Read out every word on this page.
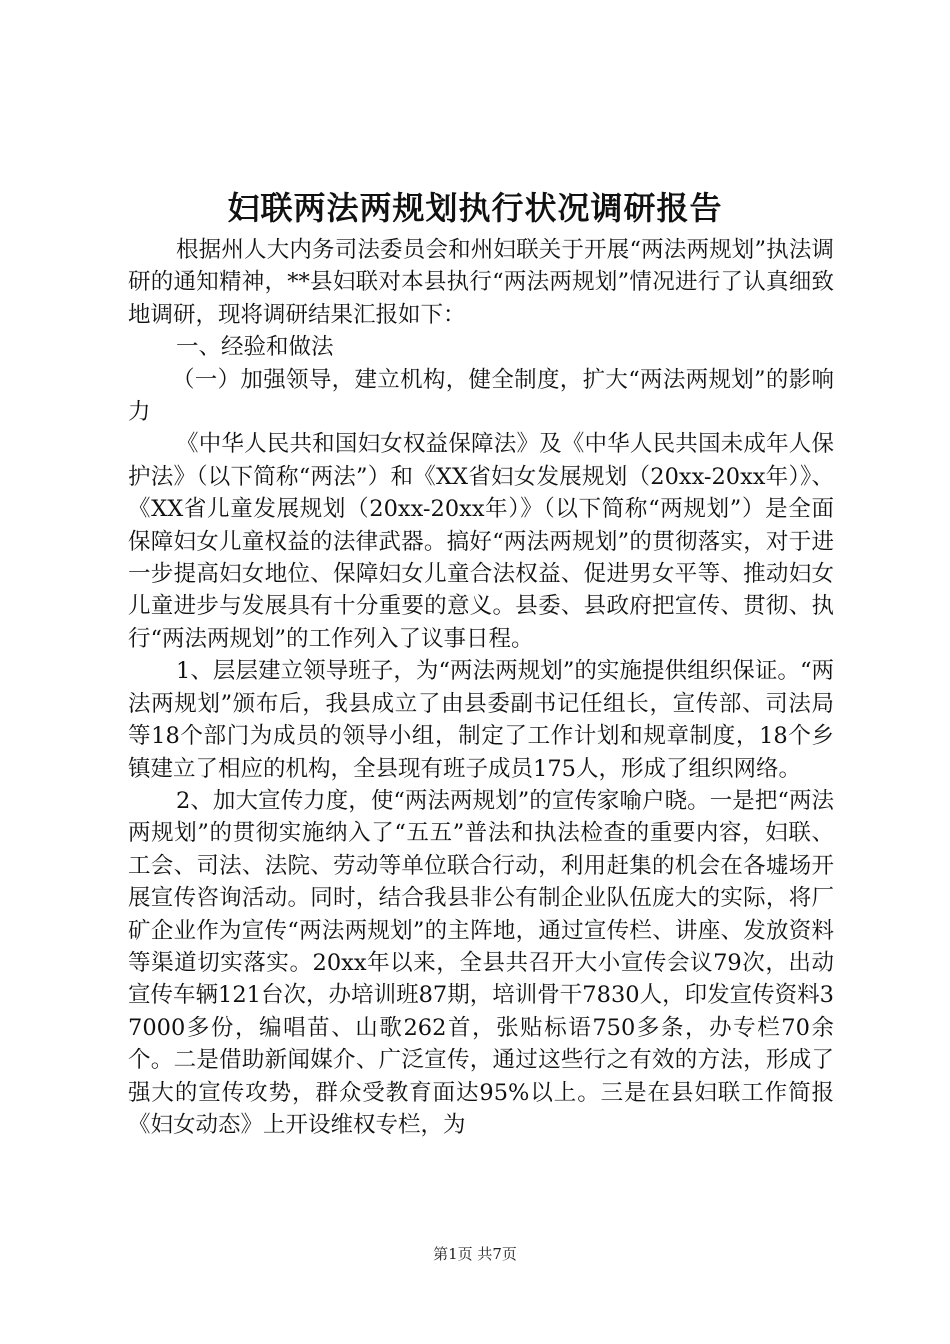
妇联两法两规划执行状况调研报告

根据州人大内务司法委员会和州妇联关于开展“两法两规划”执法调研的通知精神，**县妇联对本县执行“两法两规划”情况进行了认真细致地调研，现将调研结果汇报如下：

一、经验和做法

（一）加强领导，建立机构，健全制度，扩大“两法两规划”的影响力

《中华人民共和国妇女权益保障法》及《中华人民共国未成年人保护法》（以下简称“两法”）和《XX省妇女发展规划（20xx-20xx年）》、《XX省儿童发展规划（20xx-20xx年）》（以下简称“两规划”）是全面保障妇女儿童权益的法律武器。搞好“两法两规划”的贯彻落实，对于进一步提高妇女地位、保障妇女儿童合法权益、促进男女平等、推动妇女儿童进步与发展具有十分重要的意义。县委、县政府把宣传、贯彻、执行“两法两规划”的工作列入了议事日程。

1、层层建立领导班子，为“两法两规划”的实施提供组织保证。“两法两规划”颁布后，我县成立了由县委副书记任组长，宣传部、司法局等18个部门为成员的领导小组，制定了工作计划和规章制度，18个乡镇建立了相应的机构，全县现有班子成员175人，形成了组织网络。

2、加大宣传力度，使“两法两规划”的宣传家喻户晓。一是把“两法两规划”的贯彻实施纳入了“五五”普法和执法检查的重要内容，妇联、工会、司法、法院、劳动等单位联合行动，利用赶集的机会在各墟场开展宣传咨询活动。同时，结合我县非公有制企业队伍庞大的实际，将厂矿企业作为宣传“两法两规划”的主阵地，通过宣传栏、讲座、发放资料等渠道切实落实。20xx年以来，全县共召开大小宣传会议79次，出动宣传车辆121台次，办培训班87期，培训骨干7830人，印发宣传资料37000多份，编唱苗、山歌262首，张贴标语750多条，办专栏70余个。二是借助新闻媒介、广泛宣传，通过这些行之有效的方法，形成了强大的宣传攻势，群众受教育面达95%以上。三是在县妇联工作简报《妇女动态》上开设维权专栏，为

第1页 共7页
